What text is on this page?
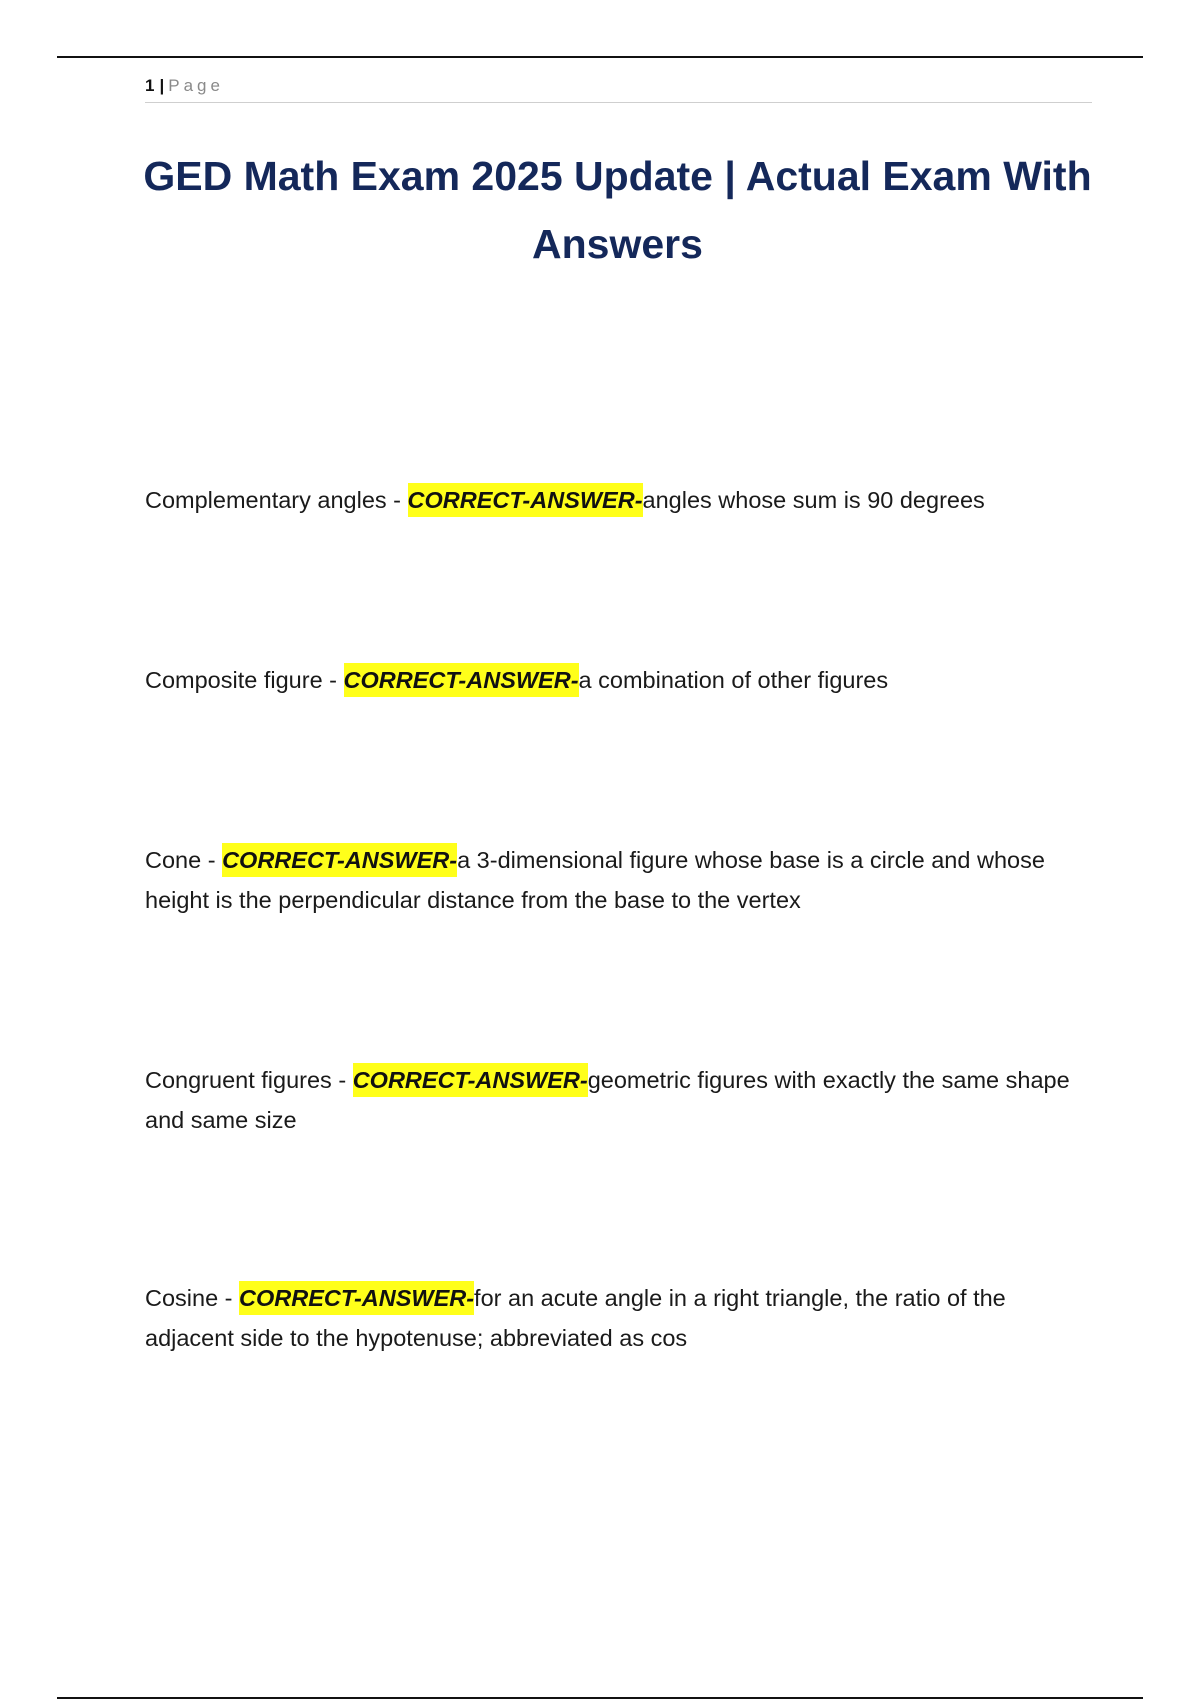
1 | Page
GED Math Exam 2025 Update | Actual Exam With Answers
Complementary angles - CORRECT-ANSWER-angles whose sum is 90 degrees
Composite figure - CORRECT-ANSWER-a combination of other figures
Cone - CORRECT-ANSWER-a 3-dimensional figure whose base is a circle and whose height is the perpendicular distance from the base to the vertex
Congruent figures - CORRECT-ANSWER-geometric figures with exactly the same shape and same size
Cosine - CORRECT-ANSWER-for an acute angle in a right triangle, the ratio of the adjacent side to the hypotenuse; abbreviated as cos
